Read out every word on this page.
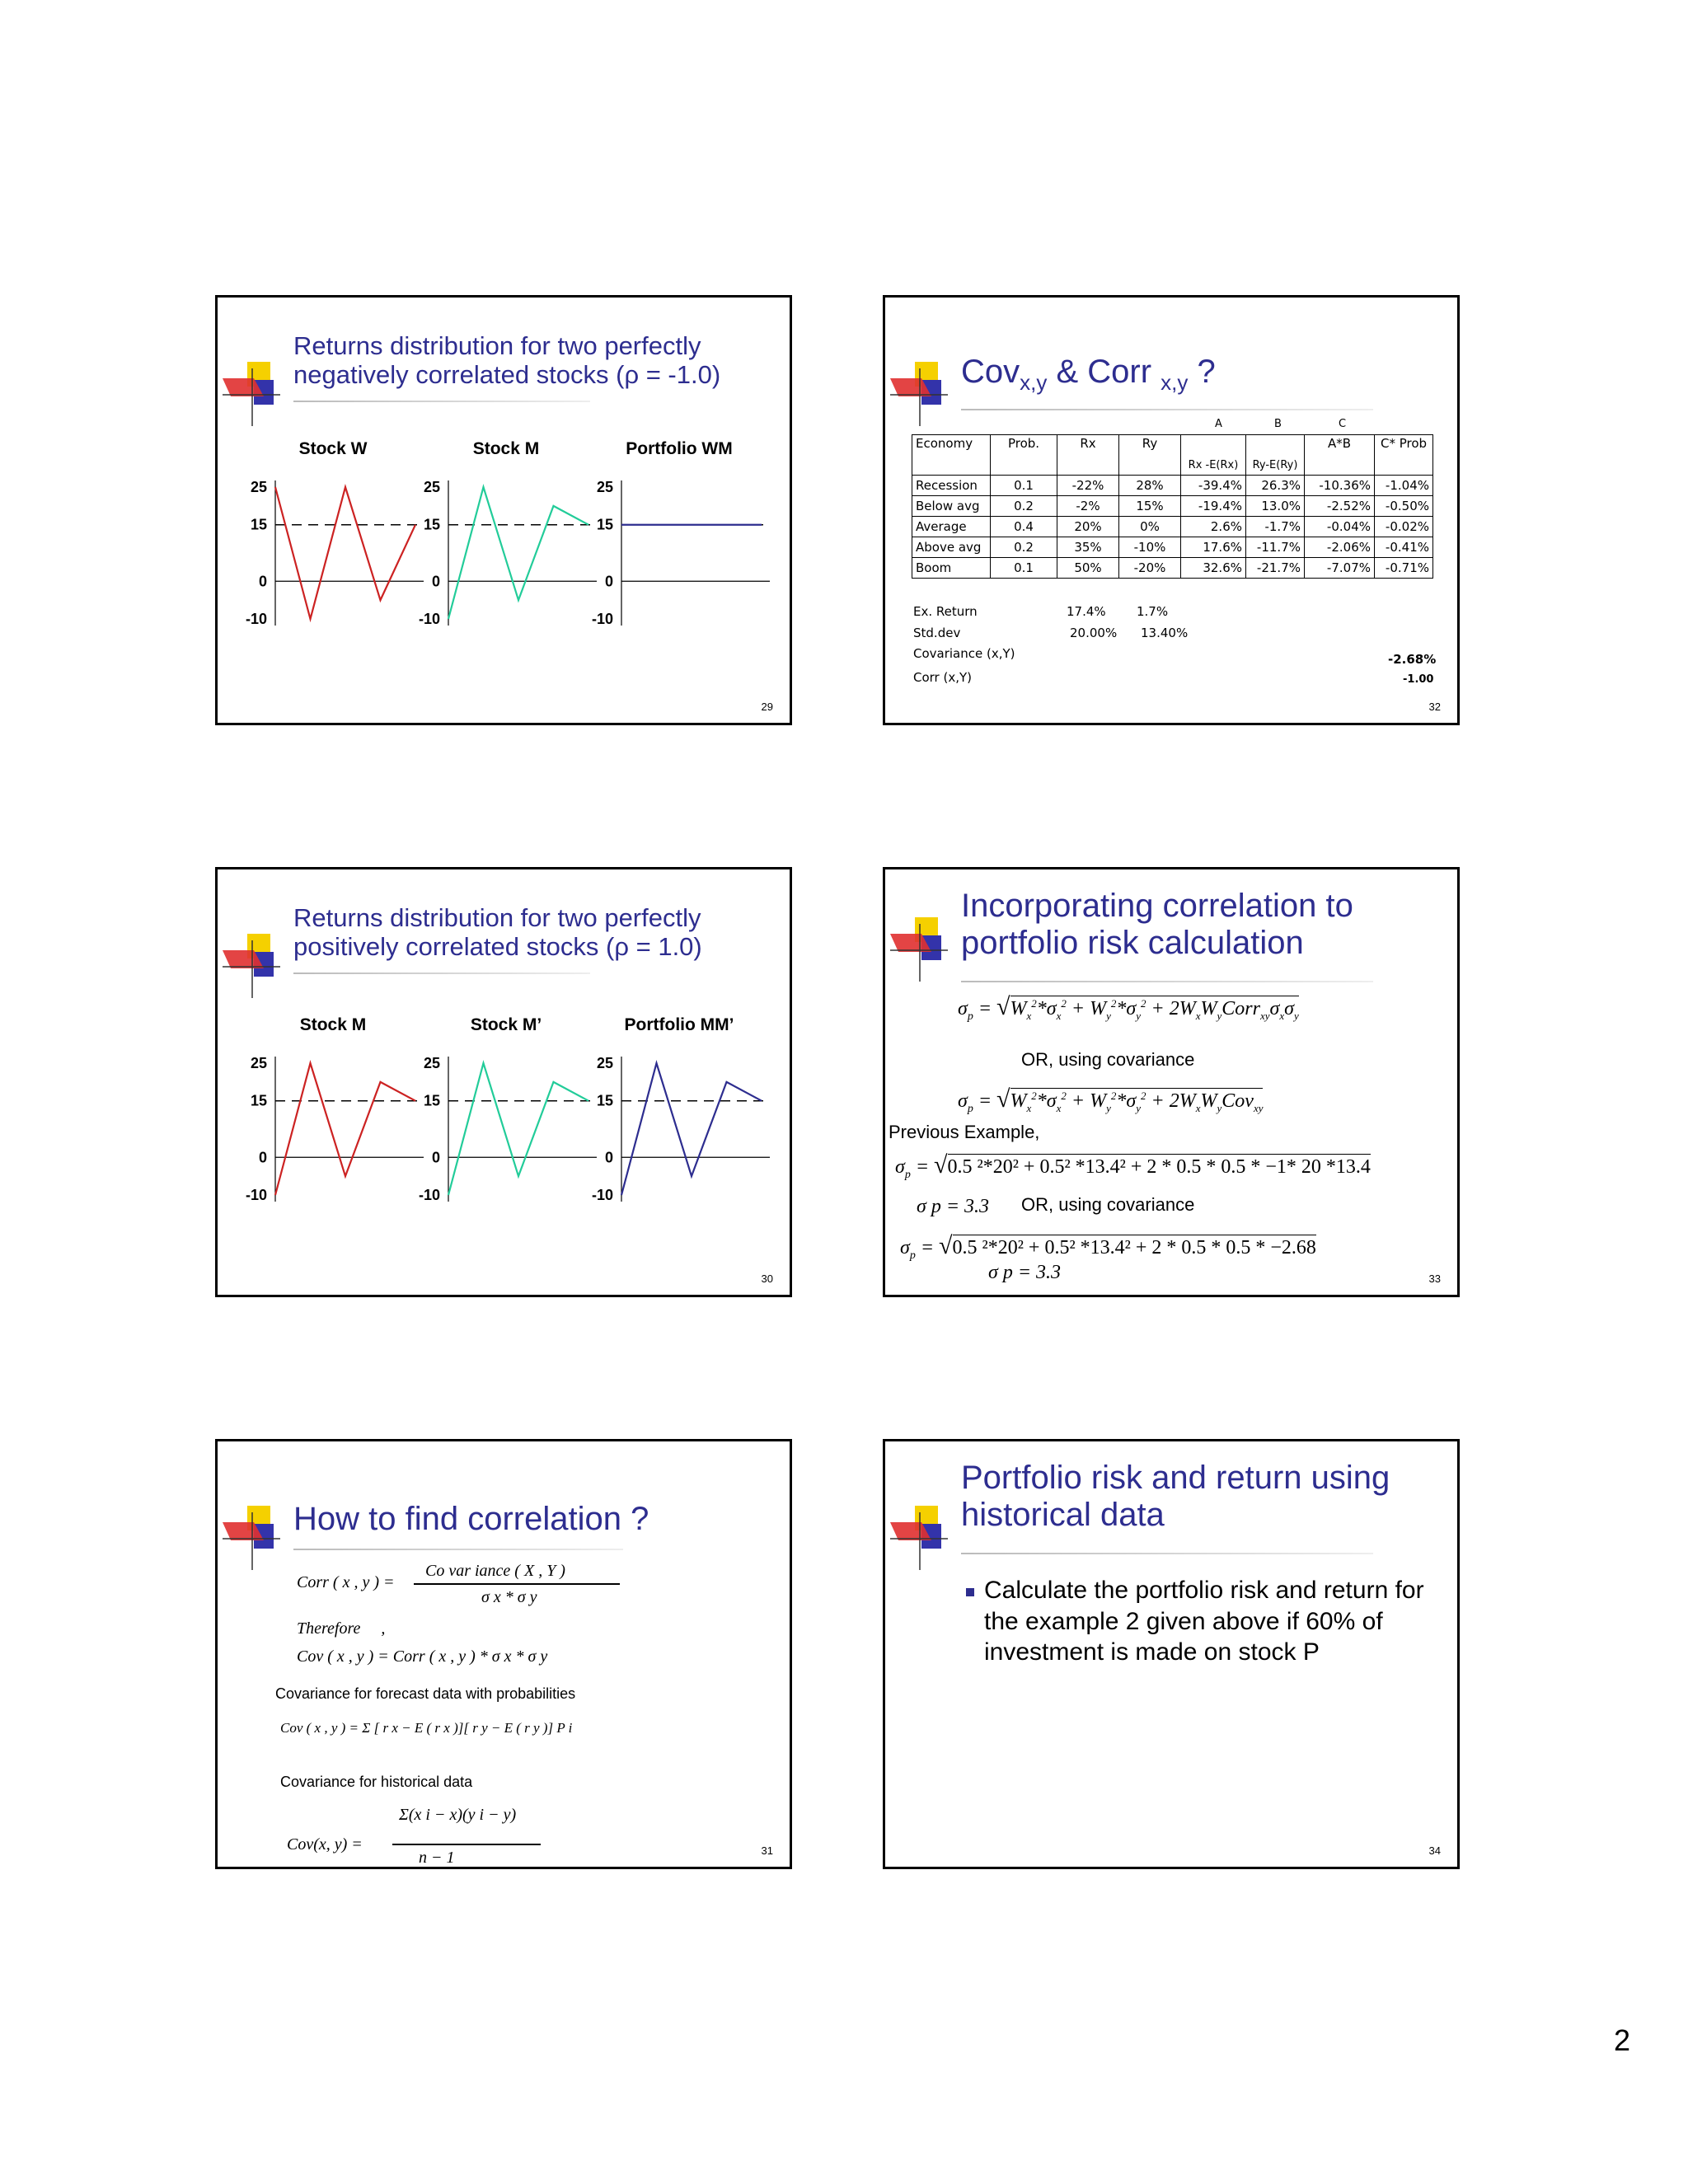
Returns distribution for two perfectly
negatively correlated stocks (ρ = -1.0)
Stock W
25
15
0
-10
Stock M
25
15
0
-10
Portfolio WM
25
15
0
-10
29
Cov$_{x,y}$ & Corr $_{x,y}$ ?
A	B	C
Economy	Prob.	Rx	Ry			A*B	C* Prob
				Rx -E(Rx)	Ry-E(Ry)		
Recession	0.1	-22%	28%	-39.4%	26.3%	-10.36%	-1.04%
Below avg	0.2	-2%	15%	-19.4%	13.0%	-2.52%	-0.50%
Average	0.4	20%	0%	2.6%	-1.7%	-0.04%	-0.02%
Above avg	0.2	35%	-10%	17.6%	-11.7%	-2.06%	-0.41%
Boom	0.1	50%	-20%	32.6%	-21.7%	-7.07%	-0.71%
Ex. Return	17.4% 1.7%
Std.dev	20.00% 13.40%
Covariance (x,Y)	-2.68%
Corr (x,Y)	-1.00
32
Returns distribution for two perfectly
positively correlated stocks (ρ = 1.0)
Stock M
25
15
0
-10
Stock M’
25
15
0
-10
Portfolio MM’
25
15
0
-10
30
Incorporating correlation to
portfolio risk calculation
$\sigma_p = √W_x^2*\sigma_x^2 + W_y^2*\sigma_y^2$ + $2W_xW_yCorr_{xy}\sigma_x\sigma_y$
OR, using covariance
$\sigma_p = √W_x^2*\sigma_x^2 + W_y^2*\sigma_y^2 + 2W_xW_yCov_{xy}$
Previous Example,
$\sigma_p = √0.5$ ²*20² + 0.5² *13.4² + 2 * 0.5 * 0.5 * −1* 20 *13.4
σ p = 3.3 OR, using covariance
$\sigma_p = √0.5$ ²*20² + 0.5² *13.4² + 2 * 0.5 * 0.5 * −2.68
σ p = 3.3	33
How to find correlation ?
Corr ( x , y ) =
Co var iance ( X , Y )
σ x * σ y
Therefore     ,
Cov ( x , y ) = Corr ( x , y ) * σ x * σ y
Covariance for forecast data with probabilities
Cov ( x , y ) = Σ [ r x − E ( r x )][ r y − E ( r y )] P i
Covariance for historical data
Σ(x i − x)(y i − y)
Cov(x, y) =
n − 1	31
Portfolio risk and return using
historical data
Calculate the portfolio risk and return for the example 2 given above if 60% of investment is made on stock P
34
2
